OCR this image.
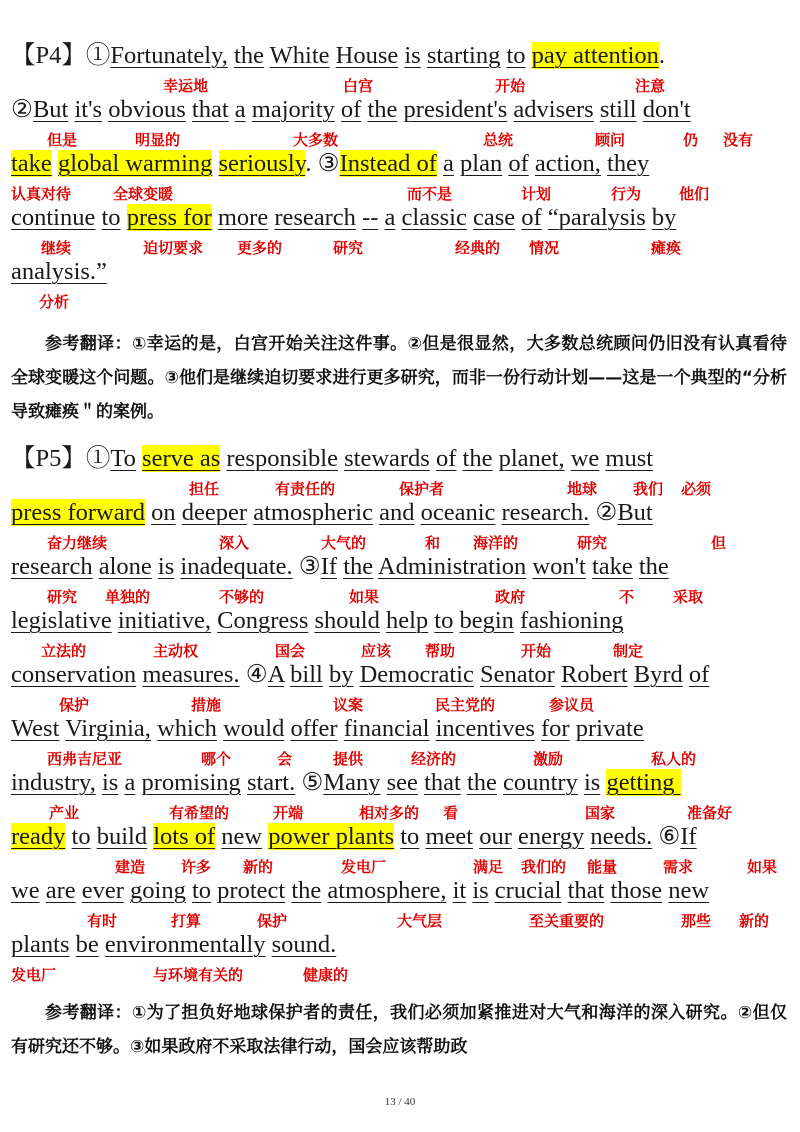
【P4】①Fortunately, the White House is starting to pay attention.
幸运地	白宫	开始	注意
②But it's obvious that a majority of the president's advisers still don't
但是	明显的	大多数	总统	顾问	仍 没有
take global warming seriously. ③Instead of a plan of action, they
认真对待	全球变暖	而不是	计划	行为	他们
continue to press for more research -- a classic case of “paralysis by
继续	迫切要求 更多的	研究	经典的 情况	瘫痪
analysis.”
分析

参考翻译：①幸运的是，白宫开始关注这件事。②但是很显然，大多数总统顾问仍旧没有认真看待全球变暖这个问题。③他们是继续迫切要求进行更多研究，而非一份行动计划——这是一个典型的“分析导致瘫痪＂的案例。

【P5】①To serve as responsible stewards of the planet, we must
担任	有责任的	保护者	地球 我们 必须
press forward on deeper atmospheric and oceanic research. ②But
奋力继续	深入	大气的	和 海洋的	研究	但
research alone is inadequate. ③If the Administration won't take the
研究 单独的	不够的	如果	政府	不	采取
legislative initiative, Congress should help to begin fashioning
立法的	主动权	国会	应该 帮助	开始	制定
conservation measures. ④A bill by Democratic Senator Robert Byrd of
保护	措施	议案	民主党的	参议员
West Virginia, which would offer financial incentives for private
西弗吉尼亚	哪个	会	提供	经济的	激励	私人的
industry, is a promising start. ⑤Many see that the country is getting
产业	有希望的	开端	相对多的 看	国家	准备好
ready to build lots of new power plants to meet our energy needs. ⑥If
建造 许多 新的	发电厂	满足 我们的 能量	需求	如果
we are ever going to protect the atmosphere, it is crucial that those new
有时	打算	保护	大气层	至关重要的	那些 新的
plants be environmentally sound.
发电厂	与环境有关的	健康的

参考翻译：①为了担负好地球保护者的责任，我们必须加紧推进对大气和海洋的深入研究。②但仅有研究还不够。③如果政府不采取法律行动，国会应该帮助政

13 / 40
